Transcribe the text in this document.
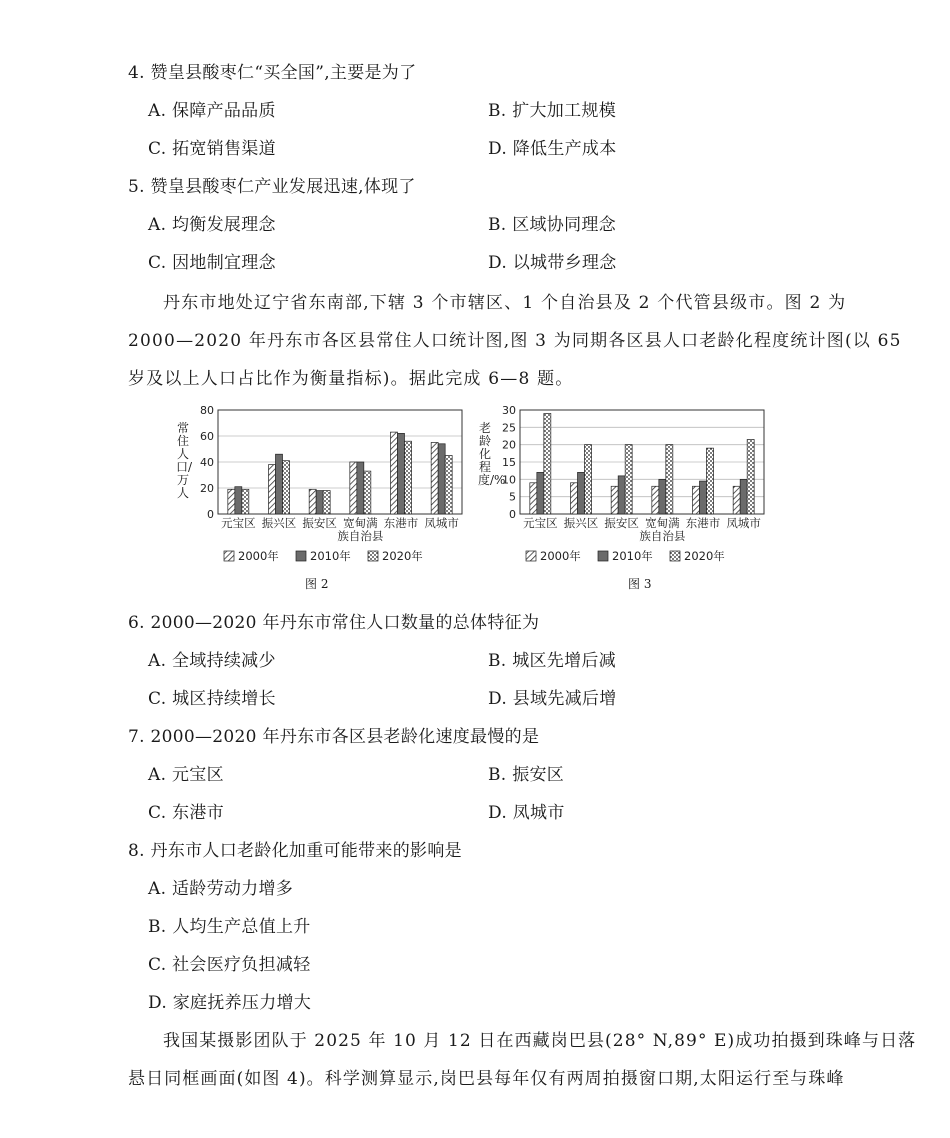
4. 赞皇县酸枣仁“买全国”,主要是为了
A. 保障产品品质	B. 扩大加工规模
C. 拓宽销售渠道	D. 降低生产成本
5. 赞皇县酸枣仁产业发展迅速,体现了
A. 均衡发展理念	B. 区域协同理念
C. 因地制宜理念	D. 以城带乡理念
丹东市地处辽宁省东南部,下辖 3 个市辖区、1 个自治县及 2 个代管县级市。图 2 为
2000—2020 年丹东市各区县常住人口统计图,图 3 为同期各区县人口老龄化程度统计图(以 65
岁及以上人口占比作为衡量指标)。据此完成 6—8 题。
常住人口/万人
0
20
40
60
80
元宝区 振兴区 振安区 宽甸满
族自治县
东港市 凤城市
2000年	2010年	2020年
图 2
老龄化程度/%
0
5
10
15
20
25
30
元宝区 振兴区 振安区 宽甸满
族自治县
东港市 凤城市
2000年	2010年	2020年
图 3
6. 2000—2020 年丹东市常住人口数量的总体特征为
A. 全域持续减少	B. 城区先增后减
C. 城区持续增长	D. 县域先减后增
7. 2000—2020 年丹东市各区县老龄化速度最慢的是
A. 元宝区	B. 振安区
C. 东港市	D. 凤城市
8. 丹东市人口老龄化加重可能带来的影响是
A. 适龄劳动力增多
B. 人均生产总值上升
C. 社会医疗负担减轻
D. 家庭抚养压力增大
我国某摄影团队于 2025 年 10 月 12 日在西藏岗巴县(28° N,89° E)成功拍摄到珠峰与日落
悬日同框画面(如图 4)。科学测算显示,岗巴县每年仅有两周拍摄窗口期,太阳运行至与珠峰
